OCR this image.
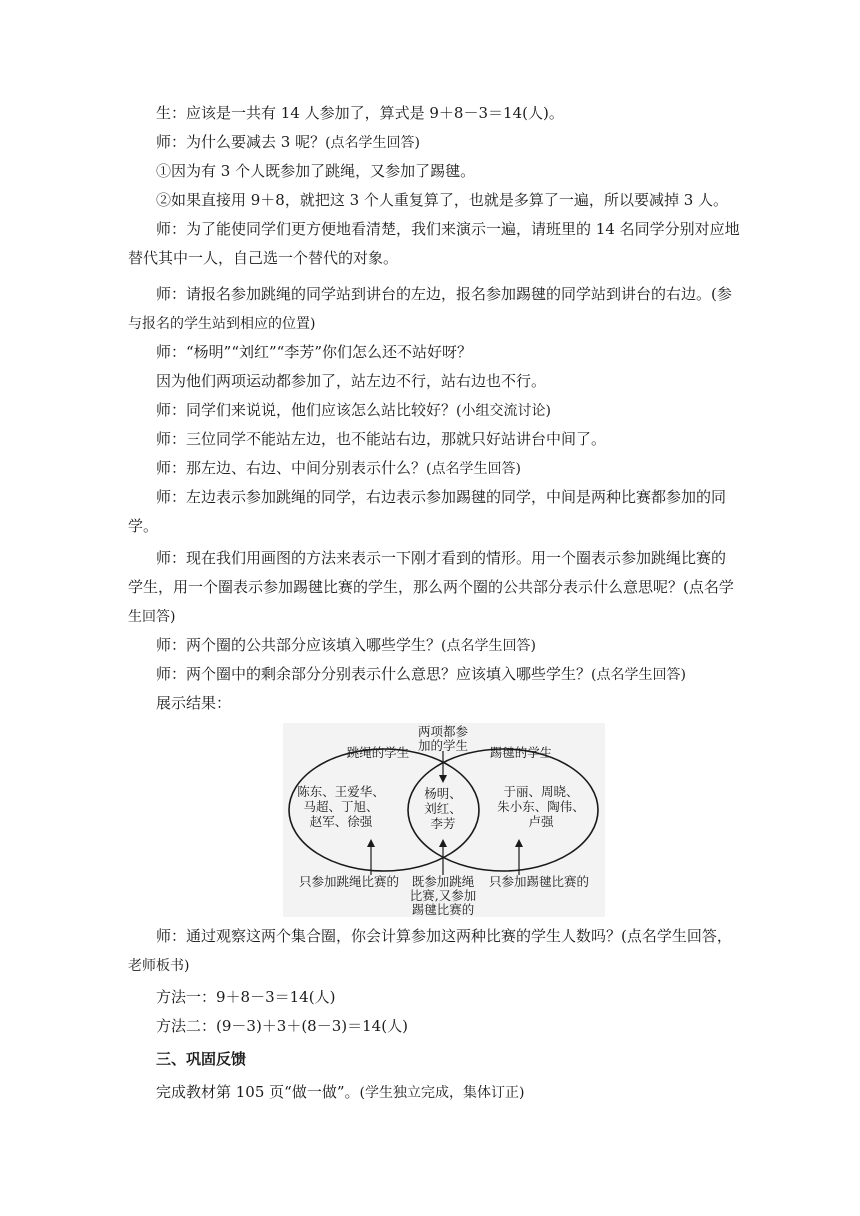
生：应该是一共有 14 人参加了，算式是 9＋8－3＝14(人)。
师：为什么要减去 3 呢？(点名学生回答)
①因为有 3 个人既参加了跳绳，又参加了踢毽。
②如果直接用 9＋8，就把这 3 个人重复算了，也就是多算了一遍，所以要减掉 3 人。
师：为了能使同学们更方便地看清楚，我们来演示一遍，请班里的 14 名同学分别对应地
替代其中一人，自己选一个替代的对象。
师：请报名参加跳绳的同学站到讲台的左边，报名参加踢毽的同学站到讲台的右边。(参
与报名的学生站到相应的位置)
师：“杨明”“刘红”“李芳”你们怎么还不站好呀？
因为他们两项运动都参加了，站左边不行，站右边也不行。
师：同学们来说说，他们应该怎么站比较好？(小组交流讨论)
师：三位同学不能站左边，也不能站右边，那就只好站讲台中间了。
师：那左边、右边、中间分别表示什么？(点名学生回答)
师：左边表示参加跳绳的同学，右边表示参加踢毽的同学，中间是两种比赛都参加的同
学。
师：现在我们用画图的方法来表示一下刚才看到的情形。用一个圈表示参加跳绳比赛的
学生，用一个圈表示参加踢毽比赛的学生，那么两个圈的公共部分表示什么意思呢？(点名学
生回答)
师：两个圈的公共部分应该填入哪些学生？(点名学生回答)
师：两个圈中的剩余部分分别表示什么意思？应该填入哪些学生？(点名学生回答)
展示结果：
两项都参
加的学生
跳绳的学生	踢毽的学生
陈东、王爱华、
马超、丁旭、
赵军、徐强
杨明、
刘红、
李芳
于丽、周晓、
朱小东、陶伟、
卢强
只参加跳绳比赛的 既参加跳绳
比赛,又参加
踢毽比赛的
只参加踢毽比赛的
师：通过观察这两个集合圈，你会计算参加这两种比赛的学生人数吗？(点名学生回答，
老师板书)
方法一：9＋8－3＝14(人)
方法二：(9－3)＋3＋(8－3)＝14(人)
三、巩固反馈
完成教材第 105 页“做一做”。(学生独立完成，集体订正)
